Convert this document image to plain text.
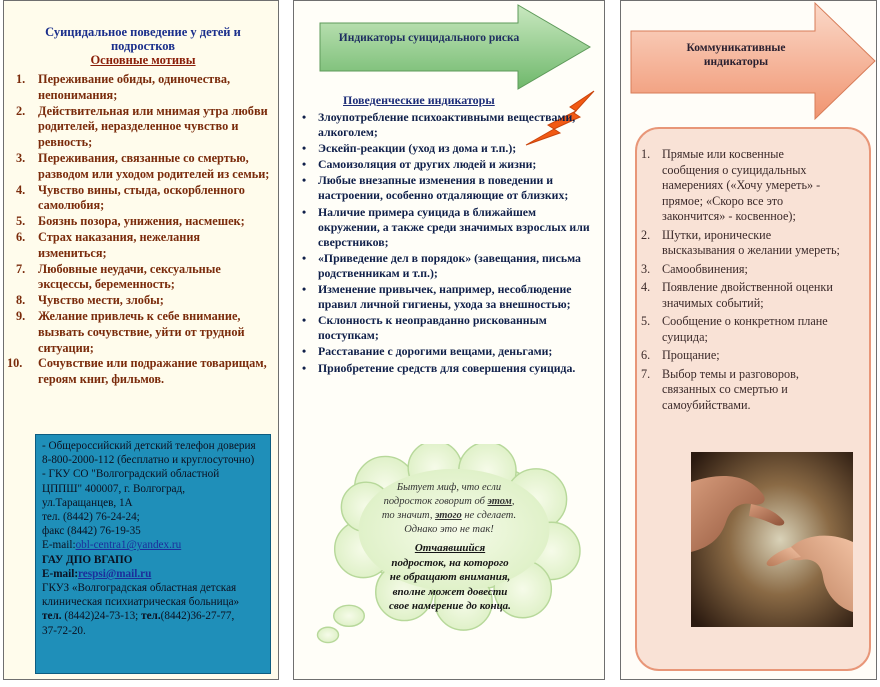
Суицидальное поведение у детей и подростков
Основные мотивы
1. Переживание обиды, одиночества, непонимания;
2. Действительная или мнимая утра любви родителей, неразделенное чувство и ревность;
3. Переживания, связанные со смертью, разводом или уходом родителей из семьи;
4. Чувство вины, стыда, оскорбленного самолюбия;
5. Боязнь позора, унижения, насмешек;
6. Страх наказания, нежелания измениться;
7. Любовные неудачи, сексуальные эксцессы, беременность;
8. Чувство мести, злобы;
9. Желание привлечь к себе внимание, вызвать сочувствие, уйти от трудной ситуации;
10. Сочувствие или подражание товарищам, героям книг, фильмов.
- Общероссийский детский телефон доверия
8-800-2000-112 (бесплатно и круглосуточно)
- ГКУ СО "Волгоградский областной
ЦППШ" 400007, г. Волгоград,
ул.Таращанцев, 1А
тел. (8442) 76-24-24;
факс (8442) 76-19-35
E-mail:obl-centra1@yandex.ru
ГАУ ДПО ВГАПО
E-mail:respsi@mail.ru
ГКУЗ «Волгоградская областная детская
клиническая психиатрическая больница»
тел. (8442)24-73-13; тел.(8442)36-27-77,
37-72-20.
Индикаторы суицидального риска
Поведенческие индикаторы
• Злоупотребление психоактивными веществами, алкоголем;
• Эскейп-реакции (уход из дома и т.п.);
• Самоизоляция от других людей и жизни;
• Любые внезапные изменения в поведении и настроении, особенно отдаляющие от близких;
• Наличие примера суицида в ближайшем окружении, а также среди значимых взрослых или сверстников;
• «Приведение дел в порядок» (завещания, письма родственникам и т.п.);
• Изменение привычек, например, несоблюдение правил личной гигиены, ухода за внешностью;
• Склонность к неоправданно рискованным поступкам;
• Расставание с дорогими вещами, деньгами;
• Приобретение средств для совершения суицида.
Бытует миф, что если
подросток говорит об этом,
то значит, этого не сделает.
Однако это не так!
Отчаявшийся
подросток, на которого
не обращают внимания,
вполне может довести
свое намерение до конца.
Коммуникативные индикаторы
1. Прямые или косвенные сообщения о суицидальных намерениях («Хочу умереть» - прямое; «Скоро все это закончится» - косвенное);
2. Шутки, иронические высказывания о желании умереть;
3. Самообвинения;
4. Появление двойственной оценки значимых событий;
5. Сообщение о конкретном плане суицида;
6. Прощание;
7. Выбор темы и разговоров, связанных со смертью и самоубийствами.
